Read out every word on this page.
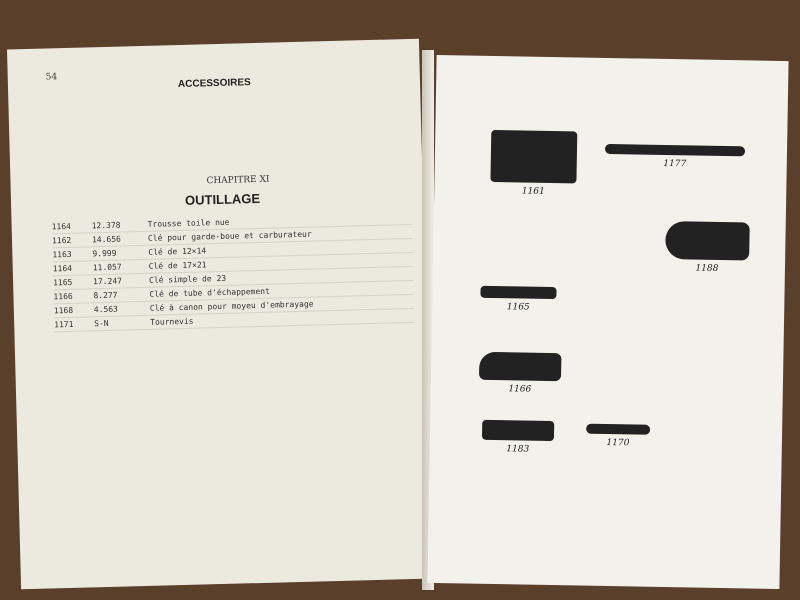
54	ACCESSOIRES
CHAPITRE XI
OUTILLAGE
1164	12.378	Trousse toile nue
1162	14.656	Clé pour garde-boue et carburateur
1163	9.999	Clé de 12×14
1164	11.057	Clé de 17×21
1165	17.247	Clé simple de 23
1166	8.277	Clé de tube d'échappement
1168	4.563	Clé à canon pour moyeu d'embrayage
1171	S-N	Tournevis
1161
1177
1188
1165
1166
1183
1170
